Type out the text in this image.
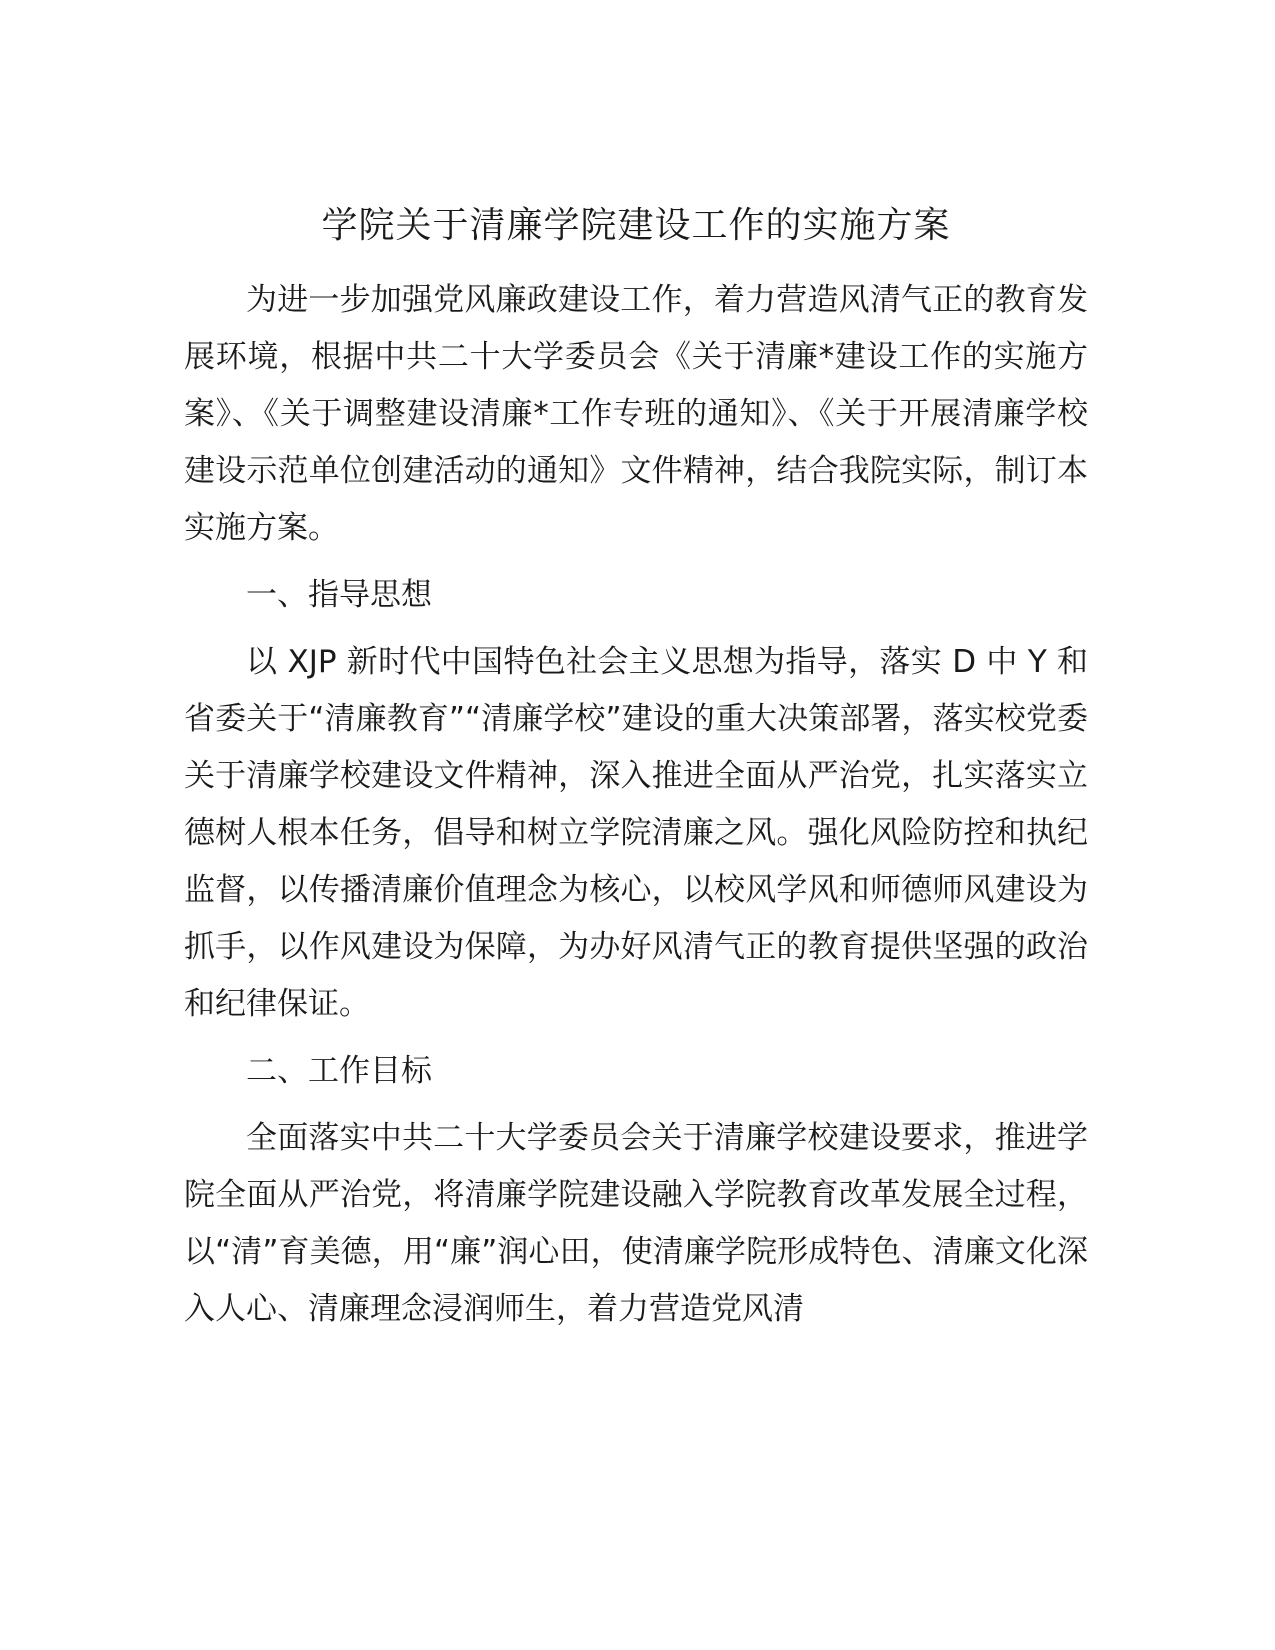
学院关于清廉学院建设工作的实施方案

为进一步加强党风廉政建设工作，着力营造风清气正的教育发展环境，根据中共二十大学委员会《关于清廉*建设工作的实施方案》、《关于调整建设清廉*工作专班的通知》、《关于开展清廉学校建设示范单位创建活动的通知》文件精神，结合我院实际，制订本实施方案。

一、指导思想

以 XJP 新时代中国特色社会主义思想为指导，落实 D 中 Y 和省委关于“清廉教育”“清廉学校”建设的重大决策部署，落实校党委关于清廉学校建设文件精神，深入推进全面从严治党，扎实落实立德树人根本任务，倡导和树立学院清廉之风。强化风险防控和执纪监督，以传播清廉价值理念为核心，以校风学风和师德师风建设为抓手，以作风建设为保障，为办好风清气正的教育提供坚强的政治和纪律保证。

二、工作目标

全面落实中共二十大学委员会关于清廉学校建设要求，推进学院全面从严治党，将清廉学院建设融入学院教育改革发展全过程，以“清”育美德，用“廉”润心田，使清廉学院形成特色、清廉文化深入人心、清廉理念浸润师生，着力营造党风清
